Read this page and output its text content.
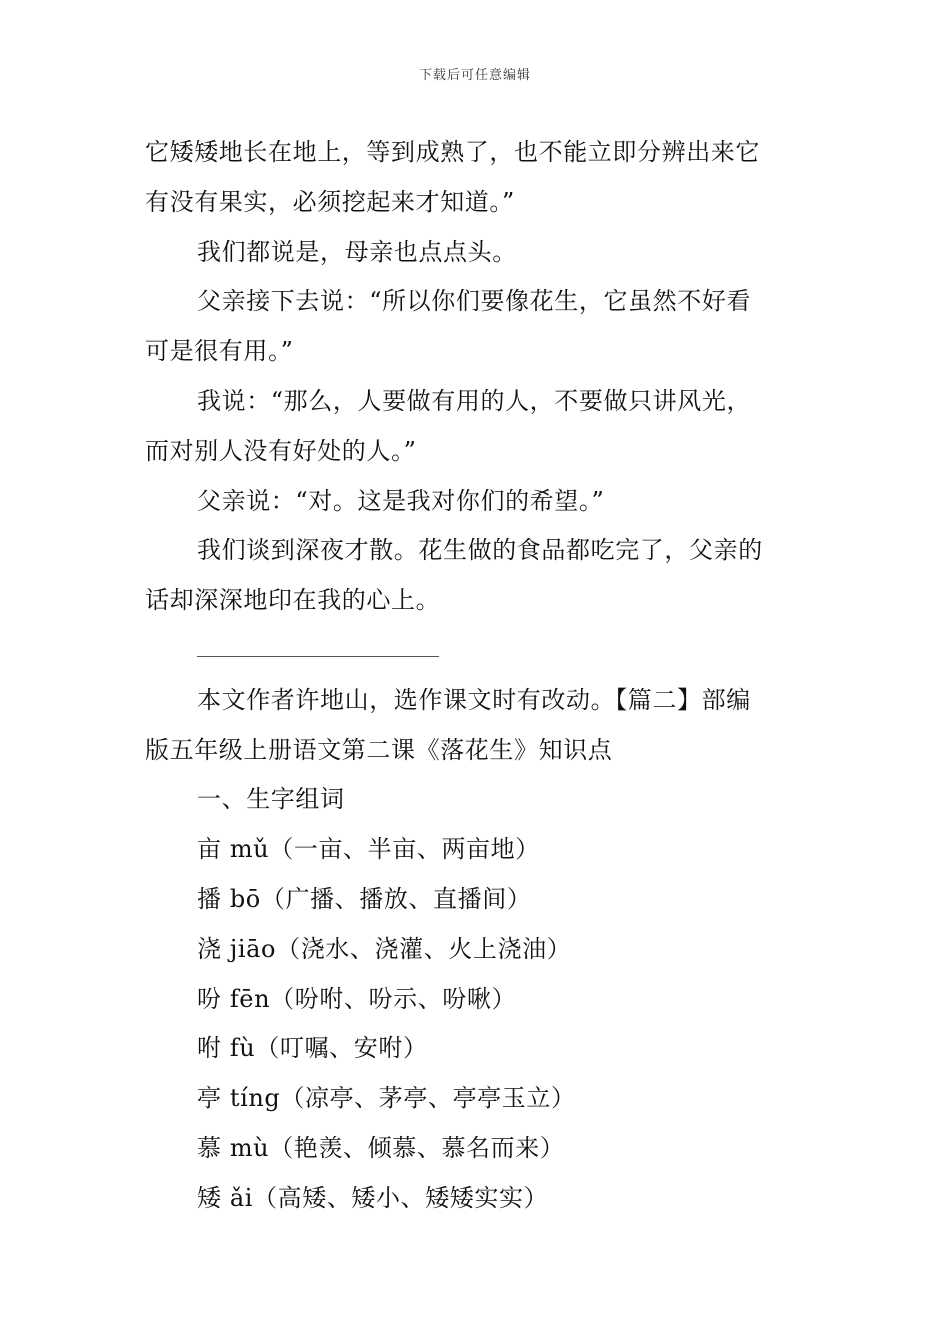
下载后可任意编辑
它矮矮地长在地上，等到成熟了，也不能立即分辨出来它
有没有果实，必须挖起来才知道。”
我们都说是，母亲也点点头。
父亲接下去说：“所以你们要像花生，它虽然不好看
可是很有用。”
我说：“那么，人要做有用的人，不要做只讲风光，
而对别人没有好处的人。”
父亲说：“对。这是我对你们的希望。”
我们谈到深夜才散。花生做的食品都吃完了，父亲的
话却深深地印在我的心上。
本文作者许地山，选作课文时有改动。【篇二】部编
版五年级上册语文第二课《落花生》知识点
一、生字组词
亩 mǔ（一亩、半亩、两亩地）
播 bō（广播、播放、直播间）
浇 jiāo（浇水、浇灌、火上浇油）
吩 fēn（吩咐、吩示、吩啾）
咐 fù（叮嘱、安咐）
亭 tíng（凉亭、茅亭、亭亭玉立）
慕 mù（艳羡、倾慕、慕名而来）
矮 ǎi（高矮、矮小、矮矮实实）
